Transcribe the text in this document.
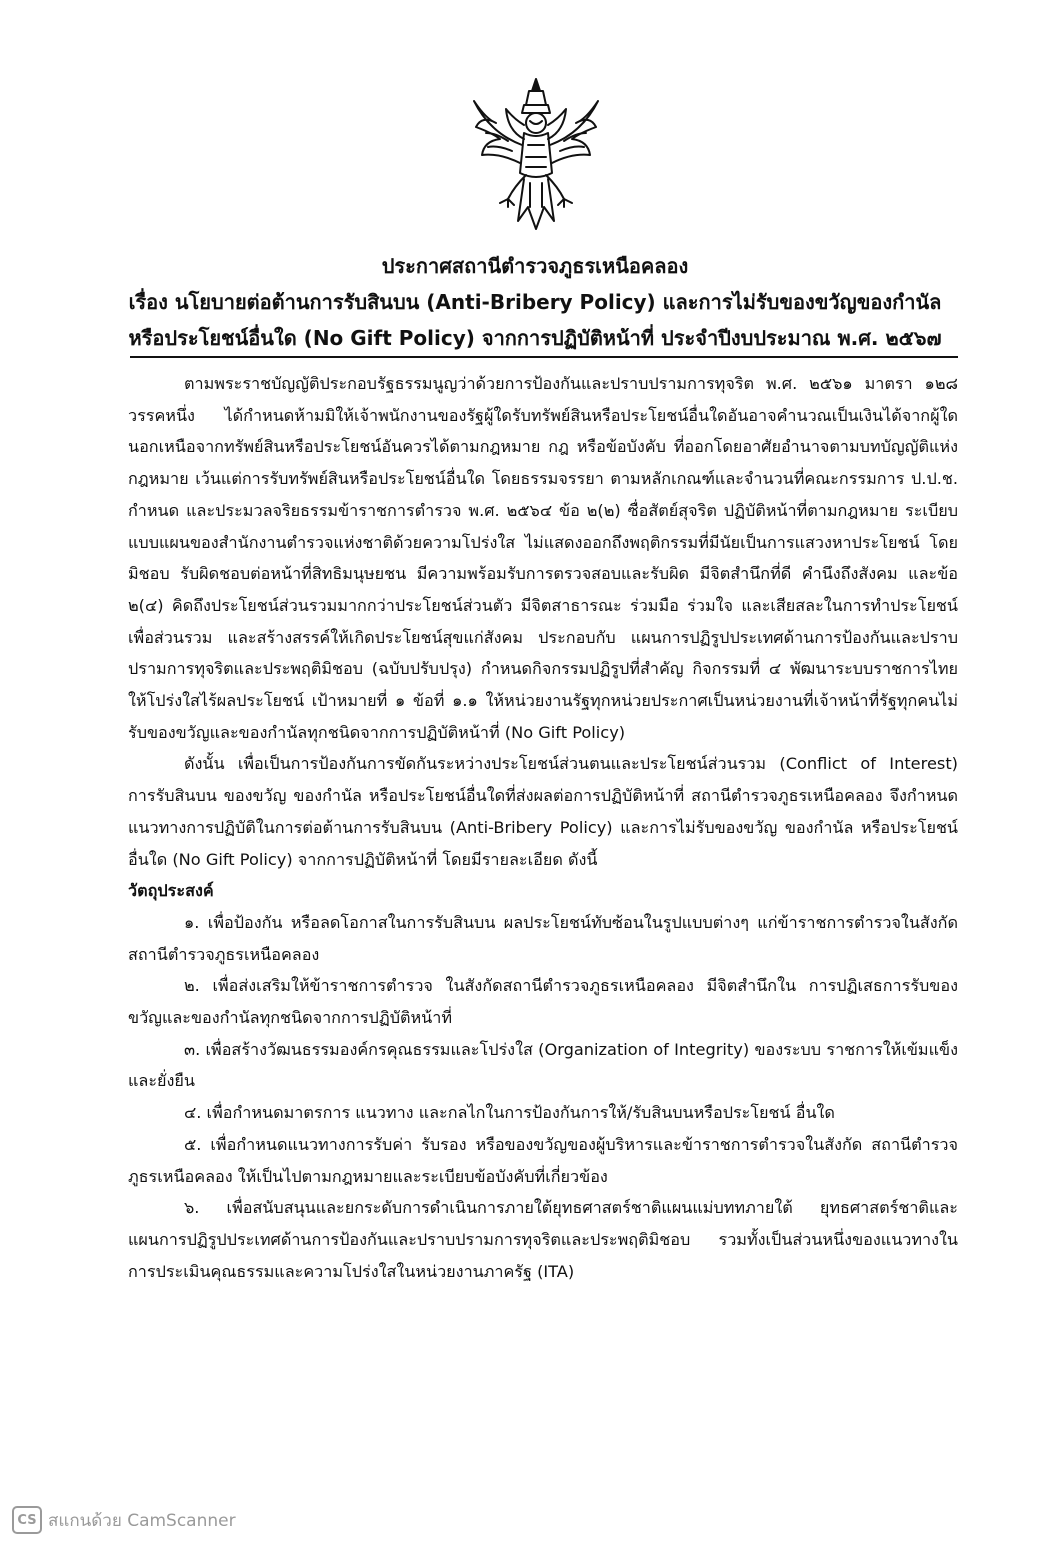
ประกาศสถานีตำรวจภูธรเหนือคลอง

เรื่อง นโยบายต่อต้านการรับสินบน (Anti-Bribery Policy) และการไม่รับของขวัญของกำนัล

หรือประโยชน์อื่นใด (No Gift Policy) จากการปฏิบัติหน้าที่ ประจำปีงบประมาณ พ.ศ. ๒๕๖๗

ตามพระราชบัญญัติประกอบรัฐธรรมนูญว่าด้วยการป้องกันและปราบปรามการทุจริต พ.ศ. ๒๕๖๑ มาตรา ๑๒๘ วรรคหนึ่ง ได้กำหนดห้ามมิให้เจ้าพนักงานของรัฐผู้ใดรับทรัพย์สินหรือประโยชน์อื่นใดอันอาจคำนวณเป็นเงินได้จากผู้ใด นอกเหนือจากทรัพย์สินหรือประโยชน์อันควรได้ตามกฎหมาย กฎ หรือข้อบังคับ ที่ออกโดยอาศัยอำนาจตามบทบัญญัติแห่งกฎหมาย เว้นแต่การรับทรัพย์สินหรือประโยชน์อื่นใด โดยธรรมจรรยา ตามหลักเกณฑ์และจำนวนที่คณะกรรมการ ป.ป.ช. กำหนด และประมวลจริยธรรมข้าราชการตำรวจ พ.ศ. ๒๕๖๔ ข้อ ๒(๒) ซื่อสัตย์สุจริต ปฏิบัติหน้าที่ตามกฎหมาย ระเบียบแบบแผนของสำนักงานตำรวจแห่งชาติด้วยความโปร่งใส ไม่แสดงออกถึงพฤติกรรมที่มีนัยเป็นการแสวงหาประโยชน์ โดยมิชอบ รับผิดชอบต่อหน้าที่สิทธิมนุษยชน มีความพร้อมรับการตรวจสอบและรับผิด มีจิตสำนึกที่ดี คำนึงถึงสังคม และข้อ ๒(๔) คิดถึงประโยชน์ส่วนรวมมากกว่าประโยชน์ส่วนตัว มีจิตสาธารณะ ร่วมมือ ร่วมใจ และเสียสละในการทำประโยชน์เพื่อส่วนรวม และสร้างสรรค์ให้เกิดประโยชน์สุขแก่สังคม ประกอบกับ แผนการปฏิรูปประเทศด้านการป้องกันและปราบปรามการทุจริตและประพฤติมิชอบ (ฉบับปรับปรุง) กำหนดกิจกรรมปฏิรูปที่สำคัญ กิจกรรมที่ ๔ พัฒนาระบบราชการไทย ให้โปร่งใสไร้ผลประโยชน์ เป้าหมายที่ ๑ ข้อที่ ๑.๑ ให้หน่วยงานรัฐทุกหน่วยประกาศเป็นหน่วยงานที่เจ้าหน้าที่รัฐทุกคนไม่รับของขวัญและของกำนัลทุกชนิดจากการปฏิบัติหน้าที่ (No Gift Policy)

ดังนั้น เพื่อเป็นการป้องกันการขัดกันระหว่างประโยชน์ส่วนตนและประโยชน์ส่วนรวม (Conflict of Interest) การรับสินบน ของขวัญ ของกำนัล หรือประโยชน์อื่นใดที่ส่งผลต่อการปฏิบัติหน้าที่ สถานีตำรวจภูธรเหนือคลอง จึงกำหนดแนวทางการปฏิบัติในการต่อต้านการรับสินบน (Anti-Bribery Policy) และการไม่รับของขวัญ ของกำนัล หรือประโยชน์อื่นใด (No Gift Policy) จากการปฏิบัติหน้าที่ โดยมีรายละเอียด ดังนี้

วัตถุประสงค์

๑. เพื่อป้องกัน หรือลดโอกาสในการรับสินบน ผลประโยชน์ทับซ้อนในรูปแบบต่างๆ แก่ข้าราชการตำรวจในสังกัดสถานีตำรวจภูธรเหนือคลอง

๒. เพื่อส่งเสริมให้ข้าราชการตำรวจ ในสังกัดสถานีตำรวจภูธรเหนือคลอง มีจิตสำนึกใน การปฏิเสธการรับของขวัญและของกำนัลทุกชนิดจากการปฏิบัติหน้าที่

๓. เพื่อสร้างวัฒนธรรมองค์กรคุณธรรมและโปร่งใส (Organization of Integrity) ของระบบ ราชการให้เข้มแข็งและยั่งยืน

๔. เพื่อกำหนดมาตรการ แนวทาง และกลไกในการป้องกันการให้/รับสินบนหรือประโยชน์ อื่นใด

๕. เพื่อกำหนดแนวทางการรับค่า รับรอง หรือของขวัญของผู้บริหารและข้าราชการตำรวจในสังกัด สถานีตำรวจภูธรเหนือคลอง ให้เป็นไปตามกฎหมายและระเบียบข้อบังคับที่เกี่ยวข้อง

๖. เพื่อสนับสนุนและยกระดับการดำเนินการภายใต้ยุทธศาสตร์ชาติแผนแม่บททภายใต้ ยุทธศาสตร์ชาติและแผนการปฏิรูปประเทศด้านการป้องกันและปราบปรามการทุจริตและประพฤติมิชอบ รวมทั้งเป็นส่วนหนึ่งของแนวทางในการประเมินคุณธรรมและความโปร่งใสในหน่วยงานภาครัฐ (ITA)

CS สแกนด้วย CamScanner
